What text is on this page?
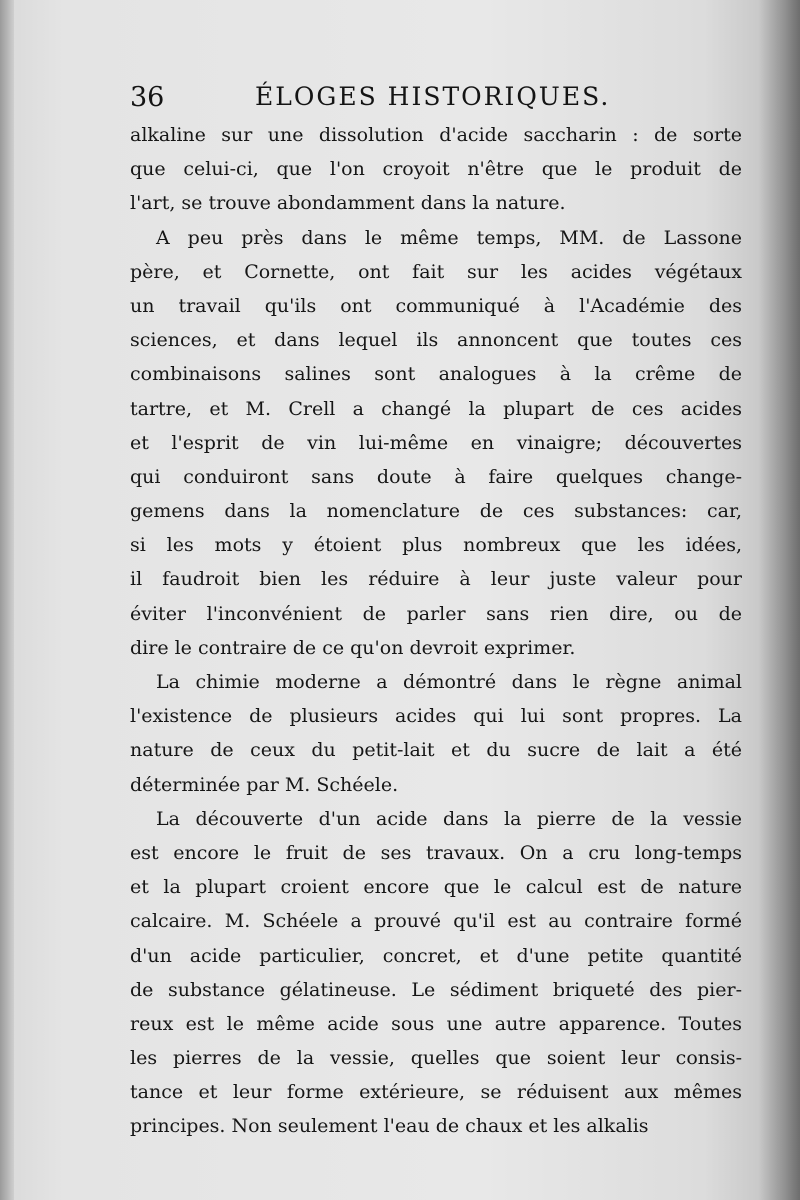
36	ÉLOGES HISTORIQUES.
alkaline sur une dissolution d'acide saccharin : de sorte
que celui-ci, que l'on croyoit n'être que le produit de
l'art, se trouve abondamment dans la nature.
A peu près dans le même temps, MM. de Lassone
père, et Cornette, ont fait sur les acides végétaux
un travail qu'ils ont communiqué à l'Académie des
sciences, et dans lequel ils annoncent que toutes ces
combinaisons salines sont analogues à la crême de
tartre, et M. Crell a changé la plupart de ces acides
et l'esprit de vin lui-même en vinaigre; découvertes
qui conduiront sans doute à faire quelques change-
gemens dans la nomenclature de ces substances: car,
si les mots y étoient plus nombreux que les idées,
il faudroit bien les réduire à leur juste valeur pour
éviter l'inconvénient de parler sans rien dire, ou de
dire le contraire de ce qu'on devroit exprimer.
La chimie moderne a démontré dans le règne animal
l'existence de plusieurs acides qui lui sont propres. La
nature de ceux du petit-lait et du sucre de lait a été
déterminée par M. Schéele.
La découverte d'un acide dans la pierre de la vessie
est encore le fruit de ses travaux. On a cru long-temps
et la plupart croient encore que le calcul est de nature
calcaire. M. Schéele a prouvé qu'il est au contraire formé
d'un acide particulier, concret, et d'une petite quantité
de substance gélatineuse. Le sédiment briqueté des pier-
reux est le même acide sous une autre apparence. Toutes
les pierres de la vessie, quelles que soient leur consis-
tance et leur forme extérieure, se réduisent aux mêmes
principes. Non seulement l'eau de chaux et les alkalis
